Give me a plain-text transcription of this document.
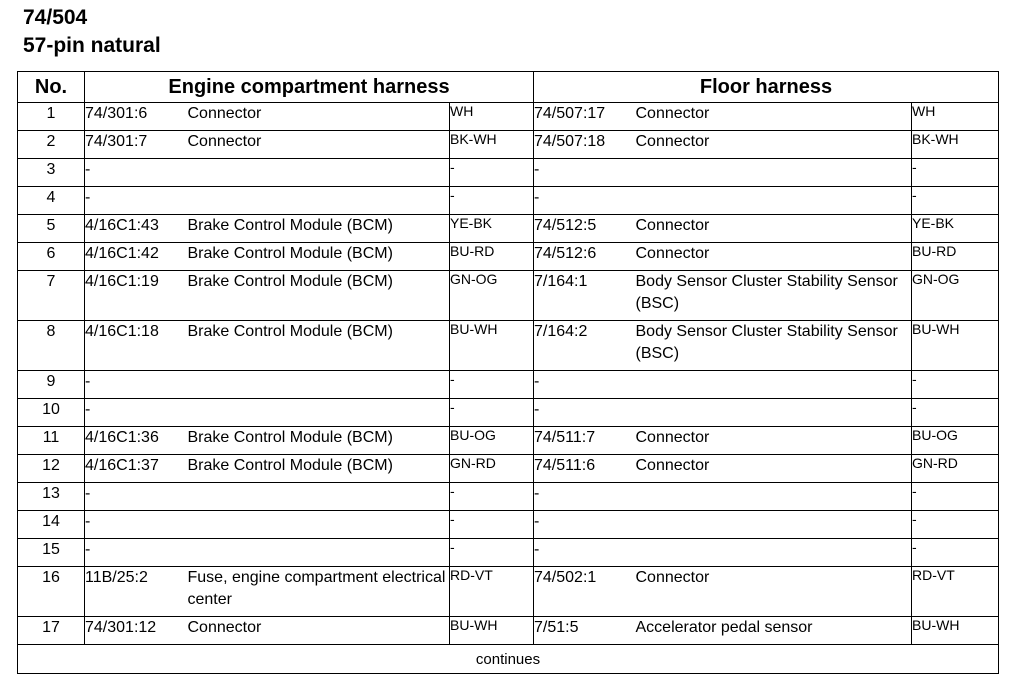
74/504
57-pin natural
No.	Engine compartment harness			Floor harness		
1	74/301:6	Connector	WH	74/507:17	Connector	WH
2	74/301:7	Connector	BK-WH	74/507:18	Connector	BK-WH
3	-		-	-		-
4	-		-	-		-
5	4/16C1:43	Brake Control Module (BCM)	YE-BK	74/512:5	Connector	YE-BK
6	4/16C1:42	Brake Control Module (BCM)	BU-RD	74/512:6	Connector	BU-RD
7	4/16C1:19	Brake Control Module (BCM)	GN-OG	7/164:1	Body Sensor Cluster Stability Sensor (BSC)	GN-OG
8	4/16C1:18	Brake Control Module (BCM)	BU-WH	7/164:2	Body Sensor Cluster Stability Sensor (BSC)	BU-WH
9	-		-	-		-
10	-		-	-		-
11	4/16C1:36	Brake Control Module (BCM)	BU-OG	74/511:7	Connector	BU-OG
12	4/16C1:37	Brake Control Module (BCM)	GN-RD	74/511:6	Connector	GN-RD
13	-		-	-		-
14	-		-	-		-
15	-		-	-		-
16	11B/25:2	Fuse, engine compartment electrical center	RD-VT	74/502:1	Connector	RD-VT
17	74/301:12	Connector	BU-WH	7/51:5	Accelerator pedal sensor	BU-WH
continues						
